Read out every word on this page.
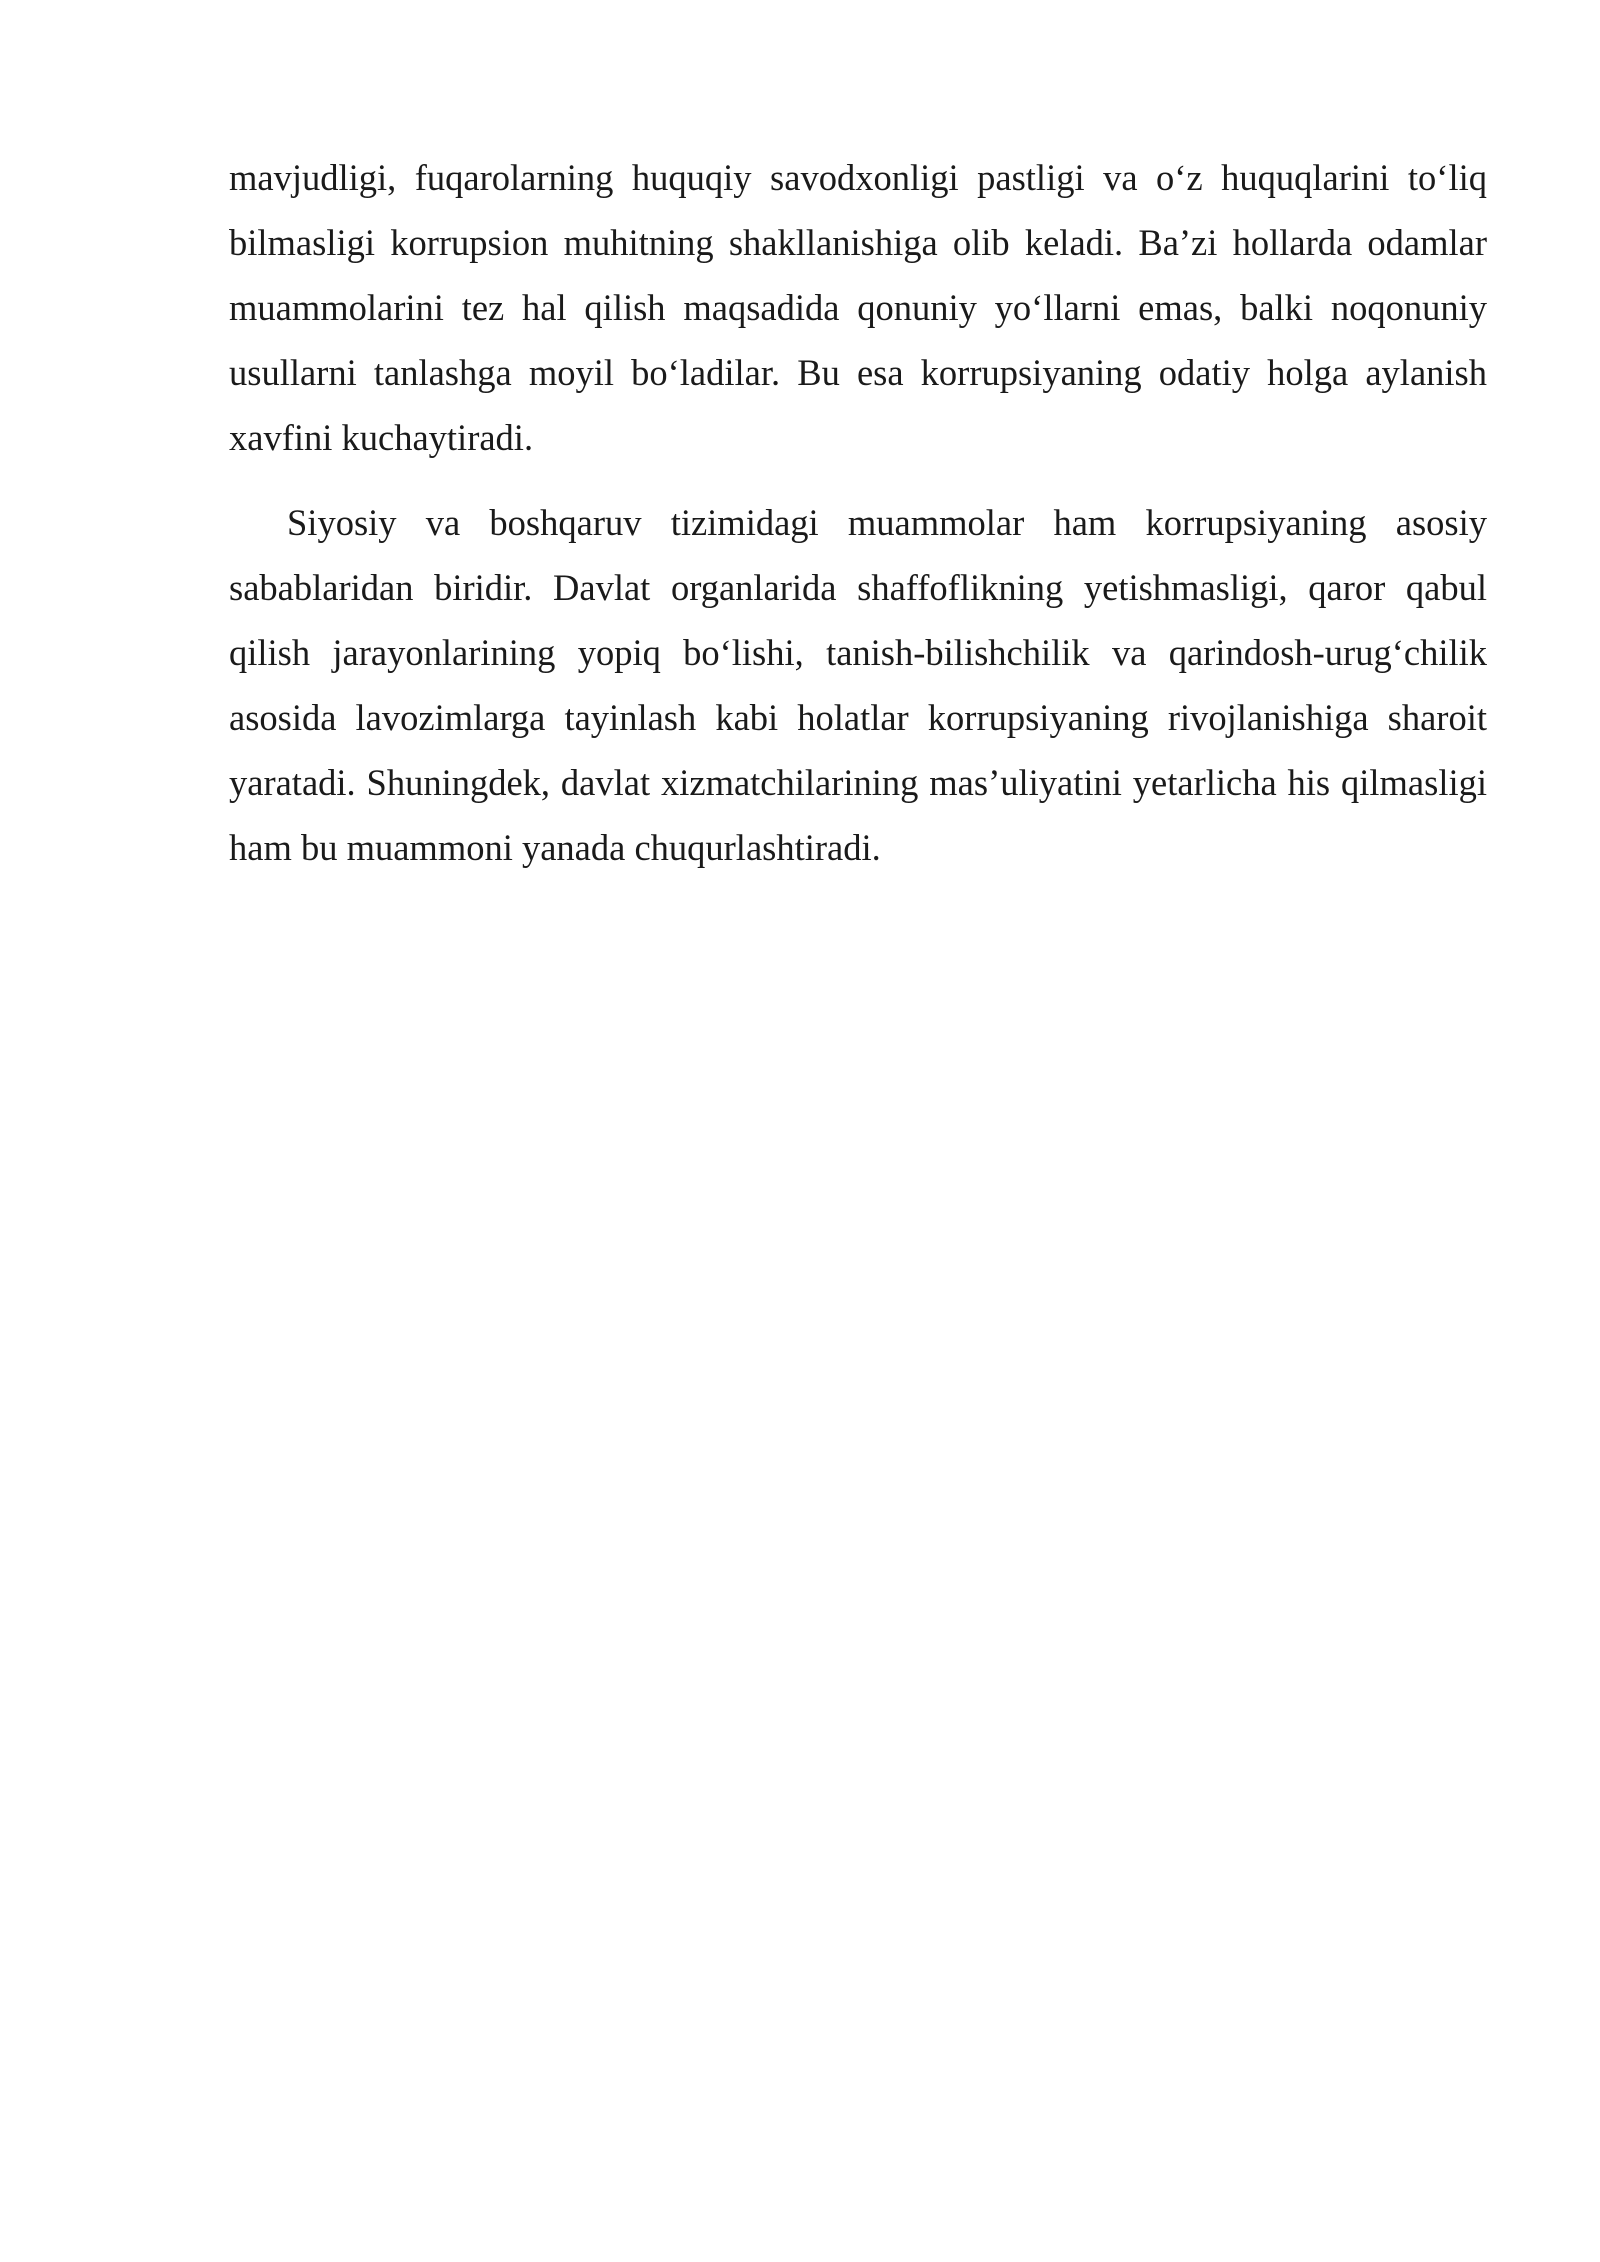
mavjudligi, fuqarolarning huquqiy savodxonligi pastligi va o‘z huquqlarini to‘liq bilmasligi korrupsion muhitning shakllanishiga olib keladi. Ba’zi hollarda odamlar muammolarini tez hal qilish maqsadida qonuniy yo‘llarni emas, balki noqonuniy usullarni tanlashga moyil bo‘ladilar. Bu esa korrupsiyaning odatiy holga aylanish xavfini kuchaytiradi.

Siyosiy va boshqaruv tizimidagi muammolar ham korrupsiyaning asosiy sabablaridan biridir. Davlat organlarida shaffoflikning yetishmasligi, qaror qabul qilish jarayonlarining yopiq bo‘lishi, tanish-bilishchilik va qarindosh-urug‘chilik asosida lavozimlarga tayinlash kabi holatlar korrupsiyaning rivojlanishiga sharoit yaratadi. Shuningdek, davlat xizmatchilarining mas’uliyatini yetarlicha his qilmasligi ham bu muammoni yanada chuqurlashtiradi.
